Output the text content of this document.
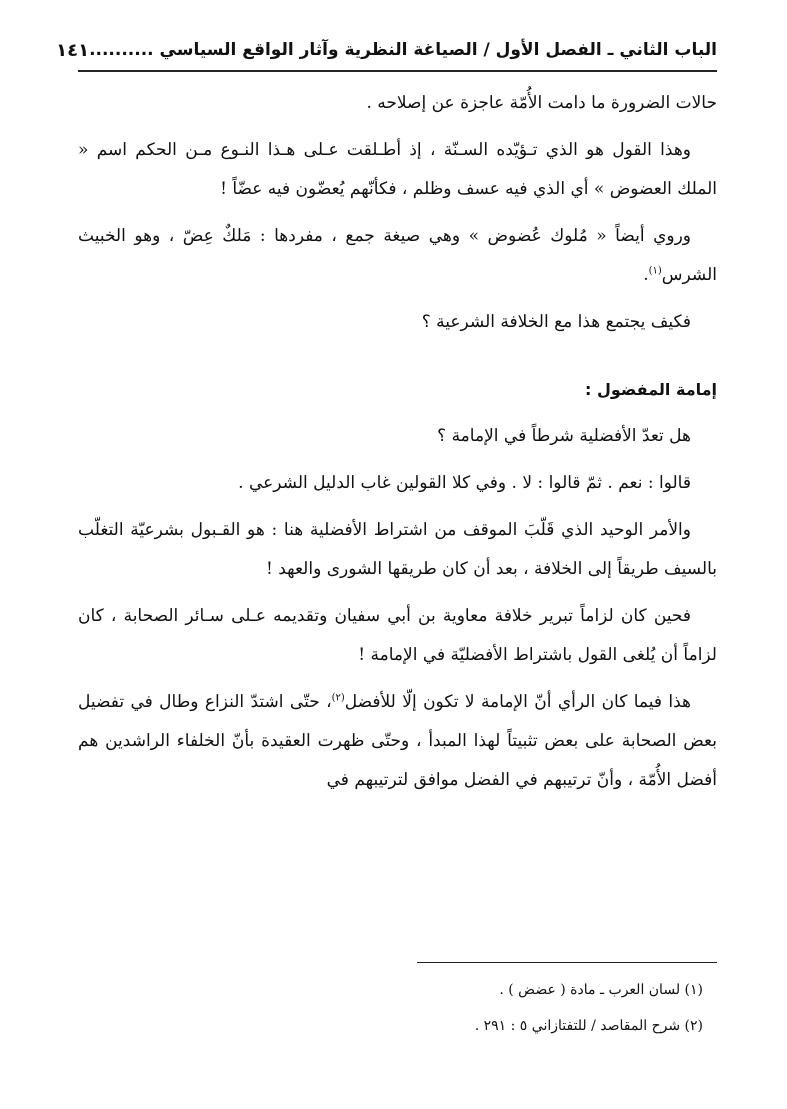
الباب الثاني ـ الفصل الأول / الصياغة النظرية وآثار الواقع السياسي ..........
١٤١

حالات الضرورة ما دامت الأُمّة عاجزة عن إصلاحه .

وهذا القول هو الذي تـؤيّده السـنّة ، إذ أطـلقت عـلى هـذا النـوع مـن الحكم اسم « الملك العضوض » أي الذي فيه عسف وظلم ، فكأنّهم يُعضّون فيه عضّاً !

وروي أيضاً « مُلوك عُضوض » وهي صيغة جمع ، مفردها : مَلكٌ عِضّ ، وهو الخبيث الشرس$^{(١)}$.

فكيف يجتمع هذا مع الخلافة الشرعية ؟

إمامة المفضول :

هل تعدّ الأفضلية شرطاً في الإمامة ؟

قالوا : نعم . ثمّ قالوا : لا . وفي كلا القولين غاب الدليل الشرعي .

والأمر الوحيد الذي قَلّبَ الموقف من اشتراط الأفضلية هنا : هو القـبول بشرعيّة التغلّب بالسيف طريقاً إلى الخلافة ، بعد أن كان طريقها الشورى والعهد !

فحين كان لزاماً تبرير خلافة معاوية بن أبي سفيان وتقديمه عـلى سـائر الصحابة ، كان لزاماً أن يُلغى القول باشتراط الأفضليّة في الإمامة !

هذا فيما كان الرأي أنّ الإمامة لا تكون إلّا للأفضل$^{(٢)}$، حتّى اشتدّ النزاع وطال في تفضيل بعض الصحابة على بعض تثبيتاً لهذا المبدأ ، وحتّى ظهرت العقيدة بأنّ الخلفاء الراشدين هم أفضل الأُمّة ، وأنّ ترتيبهم في الفضل موافق لترتيبهم في

(١) لسان العرب ـ مادة ( عضض ) .

(٢) شرح المقاصد / للتفتازاني ٥ : ٢٩١ .
